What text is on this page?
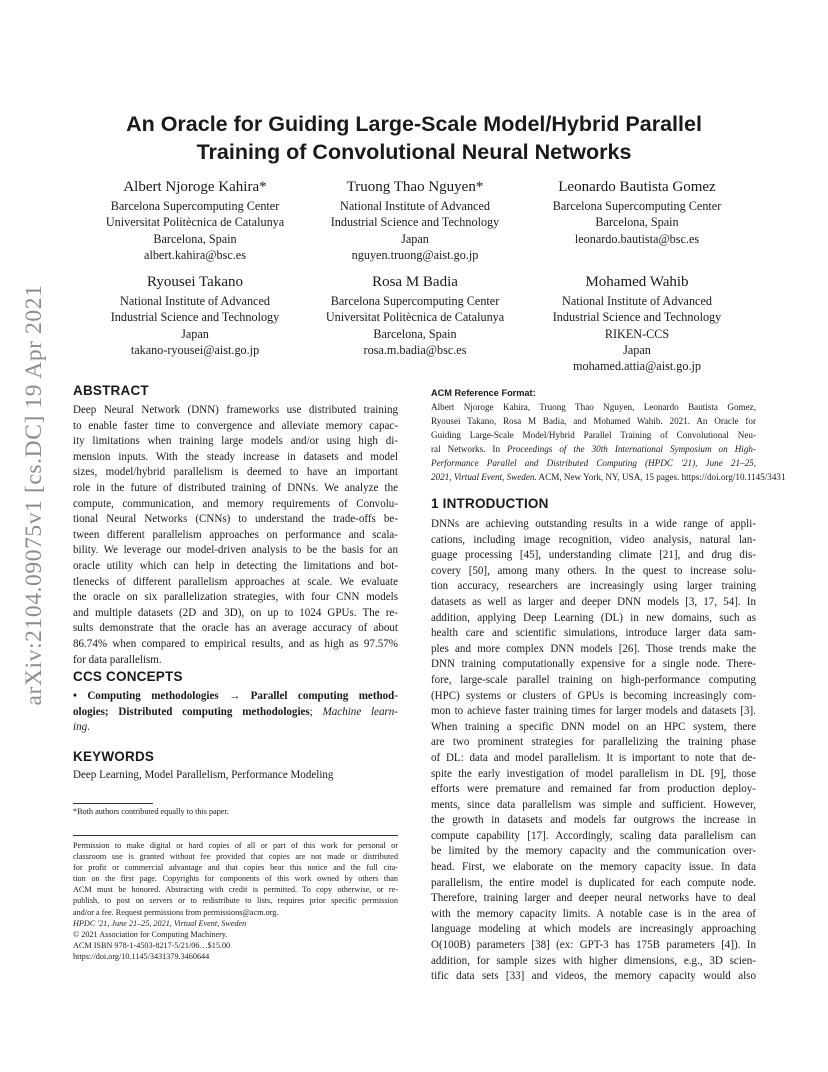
arXiv:2104.09075v1 [cs.DC] 19 Apr 2021
An Oracle for Guiding Large-Scale Model/Hybrid Parallel
Training of Convolutional Neural Networks
Albert Njoroge Kahira*
Barcelona Supercomputing Center
Universitat Politècnica de Catalunya
Barcelona, Spain
albert.kahira@bsc.es
Truong Thao Nguyen*
National Institute of Advanced
Industrial Science and Technology
Japan
nguyen.truong@aist.go.jp
Leonardo Bautista Gomez
Barcelona Supercomputing Center
Barcelona, Spain
leonardo.bautista@bsc.es
Ryousei Takano
National Institute of Advanced
Industrial Science and Technology
Japan
takano-ryousei@aist.go.jp
Rosa M Badia
Barcelona Supercomputing Center
Universitat Politècnica de Catalunya
Barcelona, Spain
rosa.m.badia@bsc.es
Mohamed Wahib
National Institute of Advanced
Industrial Science and Technology
RIKEN-CCS
Japan
mohamed.attia@aist.go.jp
ABSTRACT
Deep Neural Network (DNN) frameworks use distributed training
to enable faster time to convergence and alleviate memory capac-
ity limitations when training large models and/or using high di-
mension inputs. With the steady increase in datasets and model
sizes, model/hybrid parallelism is deemed to have an important
role in the future of distributed training of DNNs. We analyze the
compute, communication, and memory requirements of Convolu-
tional Neural Networks (CNNs) to understand the trade-offs be-
tween different parallelism approaches on performance and scala-
bility. We leverage our model-driven analysis to be the basis for an
oracle utility which can help in detecting the limitations and bot-
tlenecks of different parallelism approaches at scale. We evaluate
the oracle on six parallelization strategies, with four CNN models
and multiple datasets (2D and 3D), on up to 1024 GPUs. The re-
sults demonstrate that the oracle has an average accuracy of about
86.74% when compared to empirical results, and as high as 97.57%
for data parallelism.
CCS CONCEPTS
• Computing methodologies → Parallel computing method-
ologies; Distributed computing methodologies; Machine learn-
ing.
KEYWORDS
Deep Learning, Model Parallelism, Performance Modeling
*Both authors contributed equally to this paper.
Permission to make digital or hard copies of all or part of this work for personal or
classroom use is granted without fee provided that copies are not made or distributed
for profit or commercial advantage and that copies bear this notice and the full cita-
tion on the first page. Copyrights for components of this work owned by others than
ACM must be honored. Abstracting with credit is permitted. To copy otherwise, or re-
publish, to post on servers or to redistribute to lists, requires prior specific permission
and/or a fee. Request permissions from permissions@acm.org.
HPDC '21, June 21–25, 2021, Virtual Event, Sweden
© 2021 Association for Computing Machinery.
ACM ISBN 978-1-4503-8217-5/21/06…$15.00
https://doi.org/10.1145/3431379.3460644
ACM Reference Format:
Albert Njoroge Kahira, Truong Thao Nguyen, Leonardo Bautista Gomez,
Ryousei Takano, Rosa M Badia, and Mohamed Wahib. 2021. An Oracle for
Guiding Large-Scale Model/Hybrid Parallel Training of Convolutional Neu-
ral Networks. In Proceedings of the 30th International Symposium on High-
Performance Parallel and Distributed Computing (HPDC '21), June 21–25,
2021, Virtual Event, Sweden. ACM, New York, NY, USA, 15 pages. https://doi.org/10.1145/3431
1 INTRODUCTION
DNNs are achieving outstanding results in a wide range of appli-
cations, including image recognition, video analysis, natural lan-
guage processing [45], understanding climate [21], and drug dis-
covery [50], among many others. In the quest to increase solu-
tion accuracy, researchers are increasingly using larger training
datasets as well as larger and deeper DNN models [3, 17, 54]. In
addition, applying Deep Learning (DL) in new domains, such as
health care and scientific simulations, introduce larger data sam-
ples and more complex DNN models [26]. Those trends make the
DNN training computationally expensive for a single node. There-
fore, large-scale parallel training on high-performance computing
(HPC) systems or clusters of GPUs is becoming increasingly com-
mon to achieve faster training times for larger models and datasets [3].
When training a specific DNN model on an HPC system, there
are two prominent strategies for parallelizing the training phase
of DL: data and model parallelism. It is important to note that de-
spite the early investigation of model parallelism in DL [9], those
efforts were premature and remained far from production deploy-
ments, since data parallelism was simple and sufficient. However,
the growth in datasets and models far outgrows the increase in
compute capability [17]. Accordingly, scaling data parallelism can
be limited by the memory capacity and the communication over-
head. First, we elaborate on the memory capacity issue. In data
parallelism, the entire model is duplicated for each compute node.
Therefore, training larger and deeper neural networks have to deal
with the memory capacity limits. A notable case is in the area of
language modeling at which models are increasingly approaching
O(100B) parameters [38] (ex: GPT-3 has 175B parameters [4]). In
addition, for sample sizes with higher dimensions, e.g., 3D scien-
tific data sets [33] and videos, the memory capacity would also
